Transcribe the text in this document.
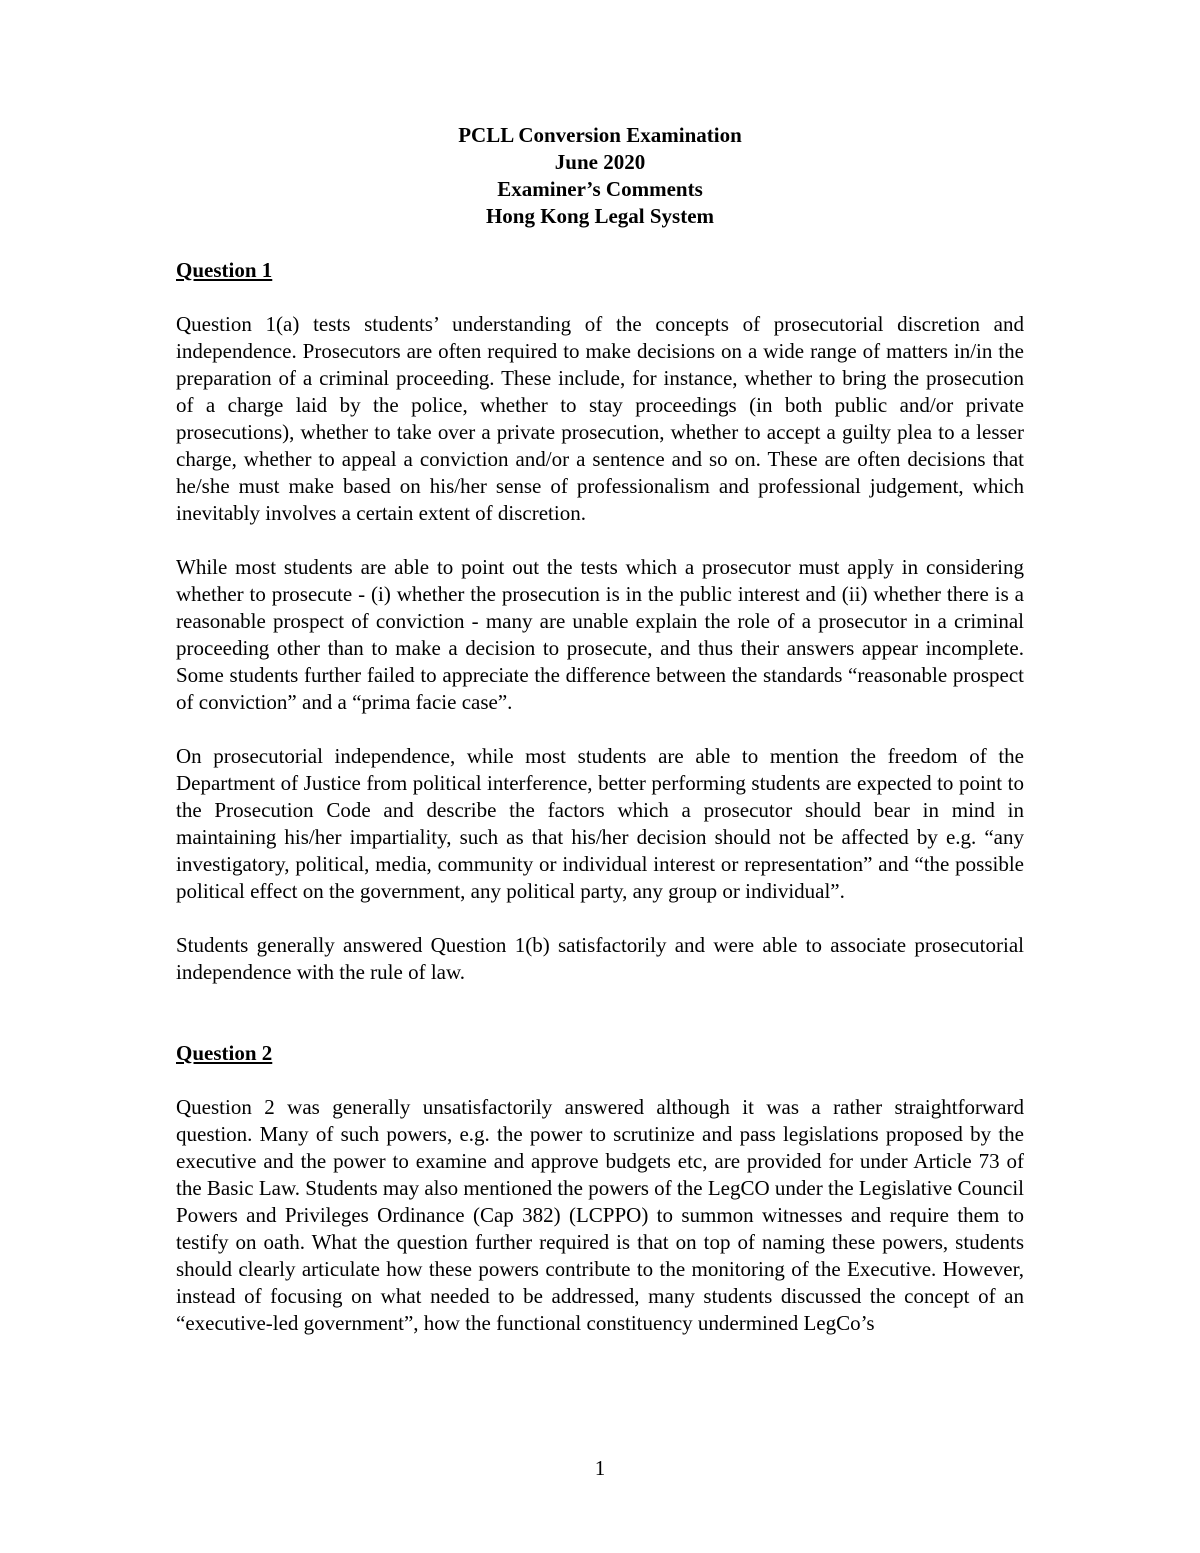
PCLL Conversion Examination
June 2020
Examiner’s Comments
Hong Kong Legal System

Question 1

Question 1(a) tests students’ understanding of the concepts of prosecutorial discretion and independence. Prosecutors are often required to make decisions on a wide range of matters in/in the preparation of a criminal proceeding. These include, for instance, whether to bring the prosecution of a charge laid by the police, whether to stay proceedings (in both public and/or private prosecutions), whether to take over a private prosecution, whether to accept a guilty plea to a lesser charge, whether to appeal a conviction and/or a sentence and so on. These are often decisions that he/she must make based on his/her sense of professionalism and professional judgement, which inevitably involves a certain extent of discretion.

While most students are able to point out the tests which a prosecutor must apply in considering whether to prosecute - (i) whether the prosecution is in the public interest and (ii) whether there is a reasonable prospect of conviction - many are unable explain the role of a prosecutor in a criminal proceeding other than to make a decision to prosecute, and thus their answers appear incomplete. Some students further failed to appreciate the difference between the standards “reasonable prospect of conviction” and a “prima facie case”.

On prosecutorial independence, while most students are able to mention the freedom of the Department of Justice from political interference, better performing students are expected to point to the Prosecution Code and describe the factors which a prosecutor should bear in mind in maintaining his/her impartiality, such as that his/her decision should not be affected by e.g. “any investigatory, political, media, community or individual interest or representation” and “the possible political effect on the government, any political party, any group or individual”.

Students generally answered Question 1(b) satisfactorily and were able to associate prosecutorial independence with the rule of law.

Question 2

Question 2 was generally unsatisfactorily answered although it was a rather straightforward question. Many of such powers, e.g. the power to scrutinize and pass legislations proposed by the executive and the power to examine and approve budgets etc, are provided for under Article 73 of the Basic Law. Students may also mentioned the powers of the LegCO under the Legislative Council Powers and Privileges Ordinance (Cap 382) (LCPPO) to summon witnesses and require them to testify on oath. What the question further required is that on top of naming these powers, students should clearly articulate how these powers contribute to the monitoring of the Executive. However, instead of focusing on what needed to be addressed, many students discussed the concept of an “executive-led government”, how the functional constituency undermined LegCo’s

1
